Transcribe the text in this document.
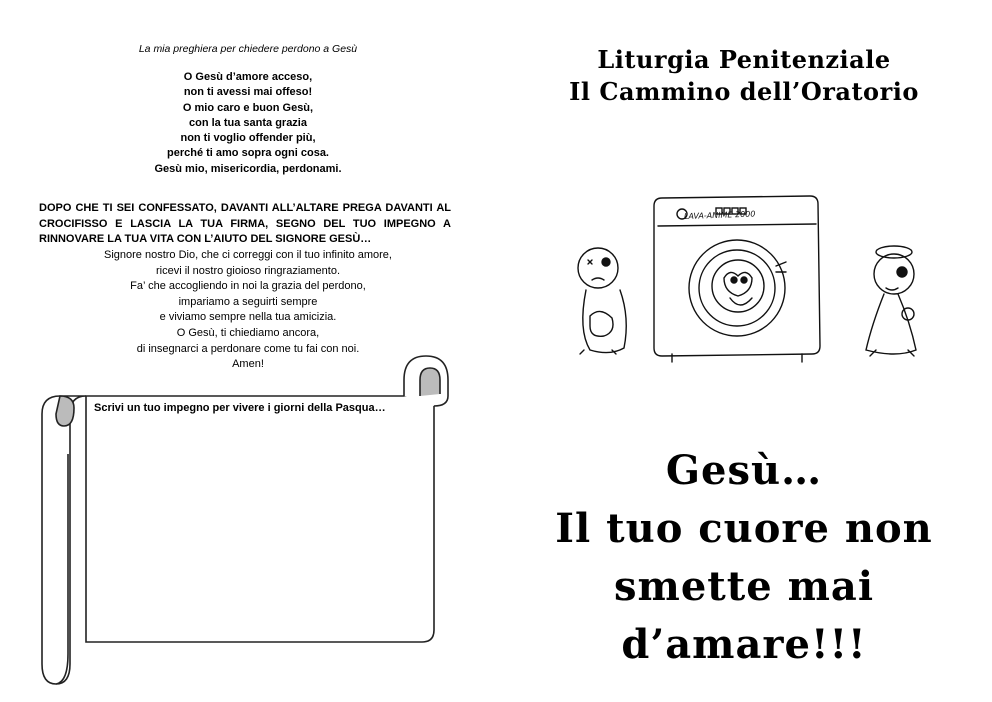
La mia preghiera per chiedere perdono a Gesù
O Gesù d’amore acceso,
non ti avessi mai offeso!
O mio caro e buon Gesù,
con la tua santa grazia
non ti voglio offender più,
perché ti amo sopra ogni cosa.
Gesù mio, misericordia, perdonami.
DOPO CHE TI SEI CONFESSATO, DAVANTI ALL’ALTARE PREGA DAVANTI AL
CROCIFISSO E LASCIA LA TUA FIRMA, SEGNO DEL TUO IMPEGNO A
RINNOVARE LA TUA VITA CON L’AIUTO DEL SIGNORE GESÙ…
Signore nostro Dio, che ci correggi con il tuo infinito amore,
ricevi il nostro gioioso ringraziamento.
Fa’ che accogliendo in noi la grazia del perdono,
impariamo a seguirti sempre
e viviamo sempre nella tua amicizia.
O Gesù, ti chiediamo ancora,
di insegnarci a perdonare come tu fai con noi.
Amen!
Scrivi un tuo impegno per vivere i giorni della Pasqua…
Liturgia Penitenziale
Il Cammino dell’Oratorio
LAVA-ANIME 2000
Gesù…
Il tuo cuore non
smette mai
d’amare!!!
